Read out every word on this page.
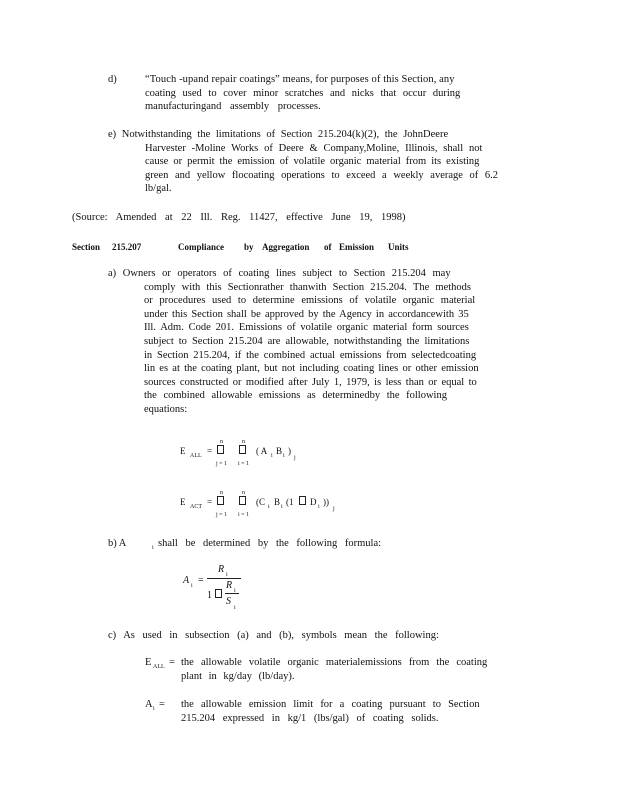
d)	“Touch -upand repair coatings” means, for purposes of this Section, any
coating used to cover minor scratches and nicks that occur during
manufacturingand assembly processes.
e) Notwithstanding the limitations of Section 215.204(k)(2), the JohnDeere
Harvester -Moline Works of Deere & Company,Moline, Illinois, shall not
cause or permit the emission of volatile organic material from its existing
green and yellow flocoating operations to exceed a weekly average of 6.2
lb/gal.
(Source: Amended at 22 Ill. Reg. 11427, effective June 19, 1998)
Section 215.207	Compliance by Aggregation of Emission Units
a) Owners or operators of coating lines subject to Section 215.204 may
comply with this Sectionrather thanwith Section 215.204. The methods
or procedures used to determine emissions of volatile organic material
under this Section shall be approved by the Agency in accordancewith 35
Ill. Adm. Code 201. Emissions of volatile organic material form sources
subject to Section 215.204 are allowable, notwithstanding the limitations
in Section 215.204, if the combined actual emissions from selectedcoating
lin es at the coating plant, but not including coating lines or other emission
sources constructed or modified after July 1, 1979, is less than or equal to
the combined allowable emissions as determinedby the following
equations:
E ALL =
n
j = 1
n
i = 1
( A i B i )
j
E ACT =
n
j = 1
n
i = 1
(C i B i (1 D i ))
j
b) A	i shall be determined by the following formula:
A i =
R i
1
R i
S
i
c) As used in subsection (a) and (b), symbols mean the following:
E ALL = the allowable volatile organic materialemissions from the coating
plant in kg/day (lb/day).
A i = the allowable emission limit for a coating pursuant to Section
215.204 expressed in kg/1 (lbs/gal) of coating solids.
